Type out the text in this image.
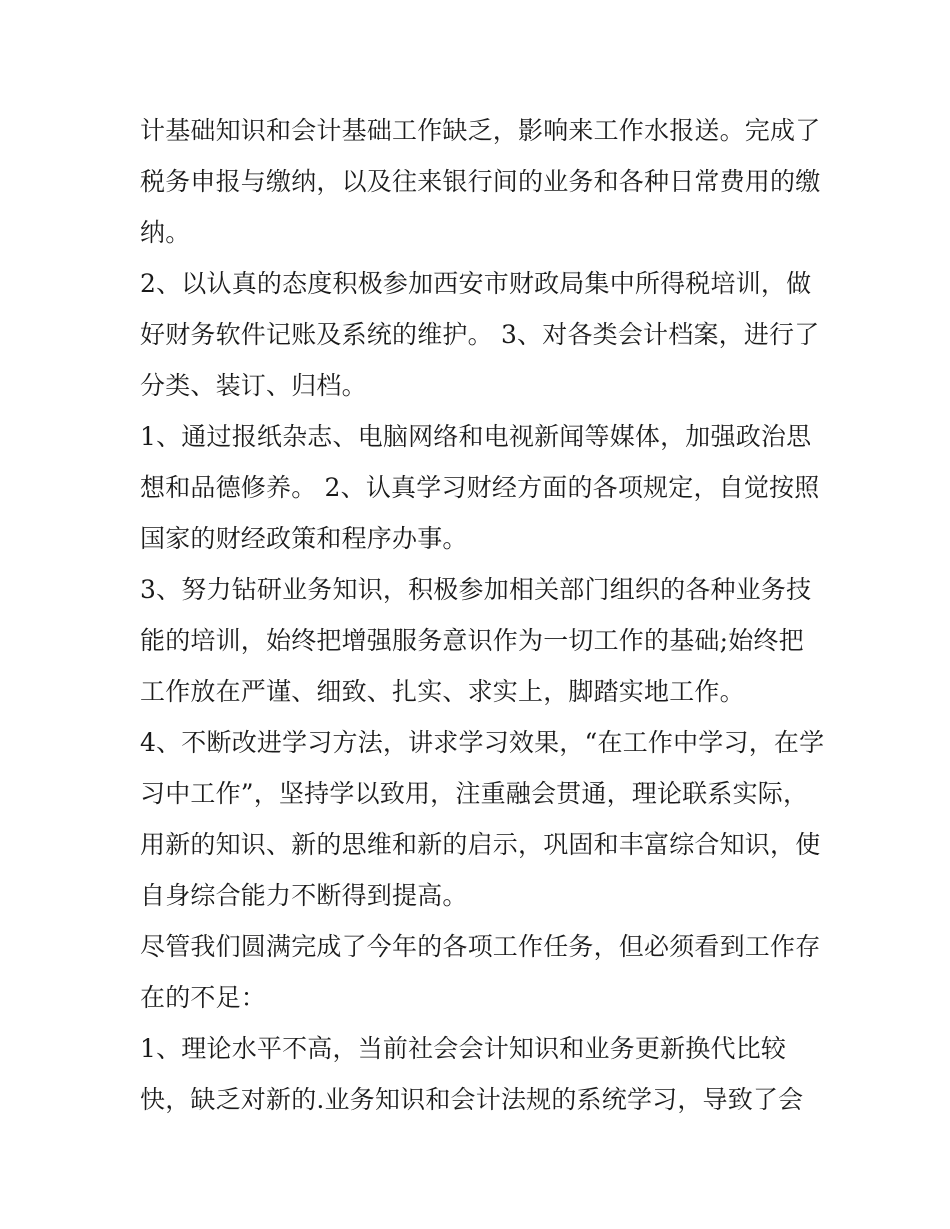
计基础知识和会计基础工作缺乏，影响来工作水报送。完成了
税务申报与缴纳，以及往来银行间的业务和各种日常费用的缴
纳。
2、以认真的态度积极参加西安市财政局集中所得税培训，做
好财务软件记账及系统的维护。 3、对各类会计档案，进行了
分类、装订、归档。
1、通过报纸杂志、电脑网络和电视新闻等媒体，加强政治思
想和品德修养。 2、认真学习财经方面的各项规定，自觉按照
国家的财经政策和程序办事。
3、努力钻研业务知识，积极参加相关部门组织的各种业务技
能的培训，始终把增强服务意识作为一切工作的基础;始终把
工作放在严谨、细致、扎实、求实上，脚踏实地工作。
4、不断改进学习方法，讲求学习效果，“在工作中学习，在学
习中工作”，坚持学以致用，注重融会贯通，理论联系实际，
用新的知识、新的思维和新的启示，巩固和丰富综合知识，使
自身综合能力不断得到提高。
尽管我们圆满完成了今年的各项工作任务，但必须看到工作存
在的不足：
1、理论水平不高，当前社会会计知识和业务更新换代比较
快，缺乏对新的.业务知识和会计法规的系统学习，导致了会
